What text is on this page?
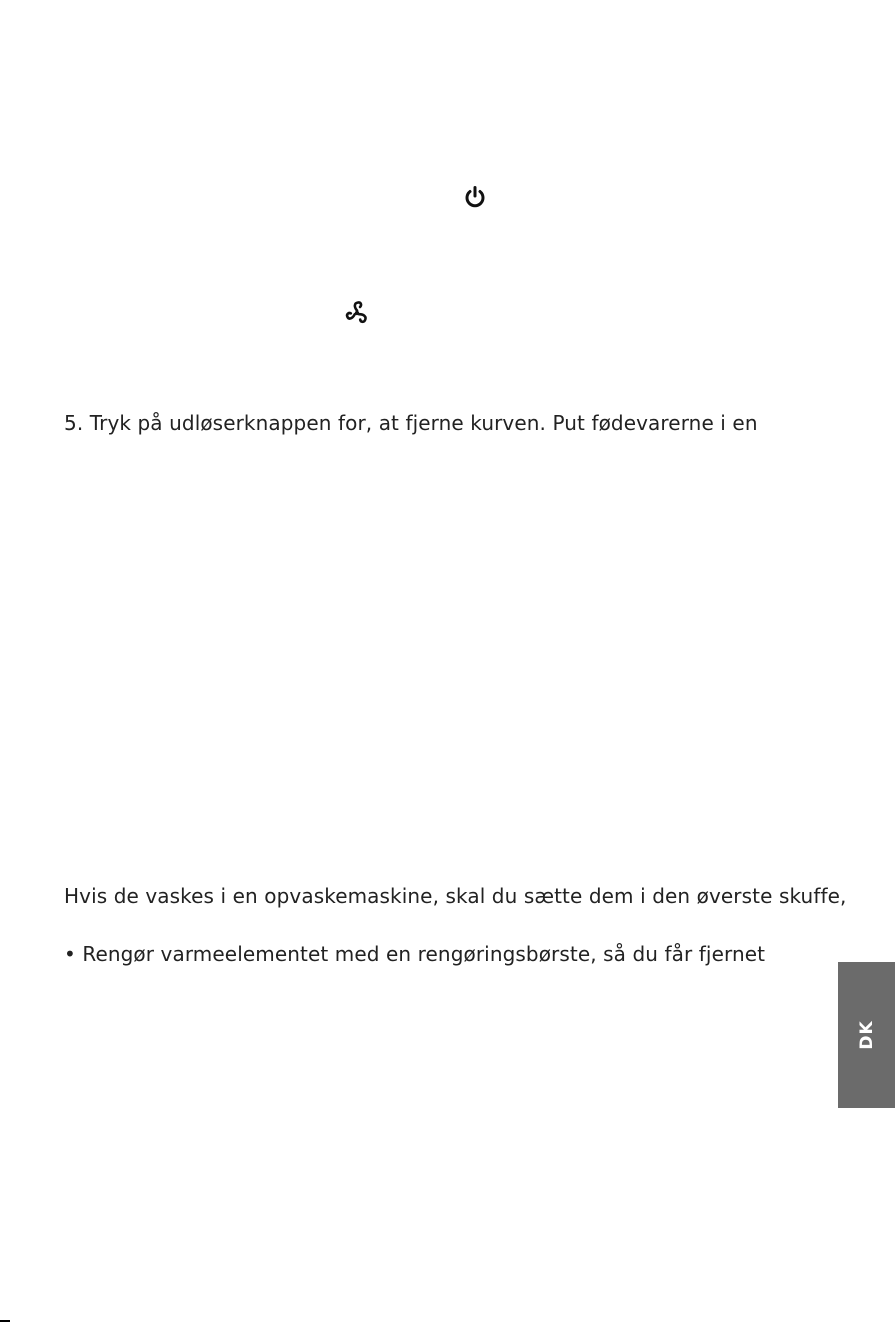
5. Tryk på udløserknappen for, at fjerne kurven. Put fødevarerne i en
Hvis de vaskes i en opvaskemaskine, skal du sætte dem i den øverste skuffe,
• Rengør varmeelementet med en rengøringsbørste, så du får fjernet
DK
